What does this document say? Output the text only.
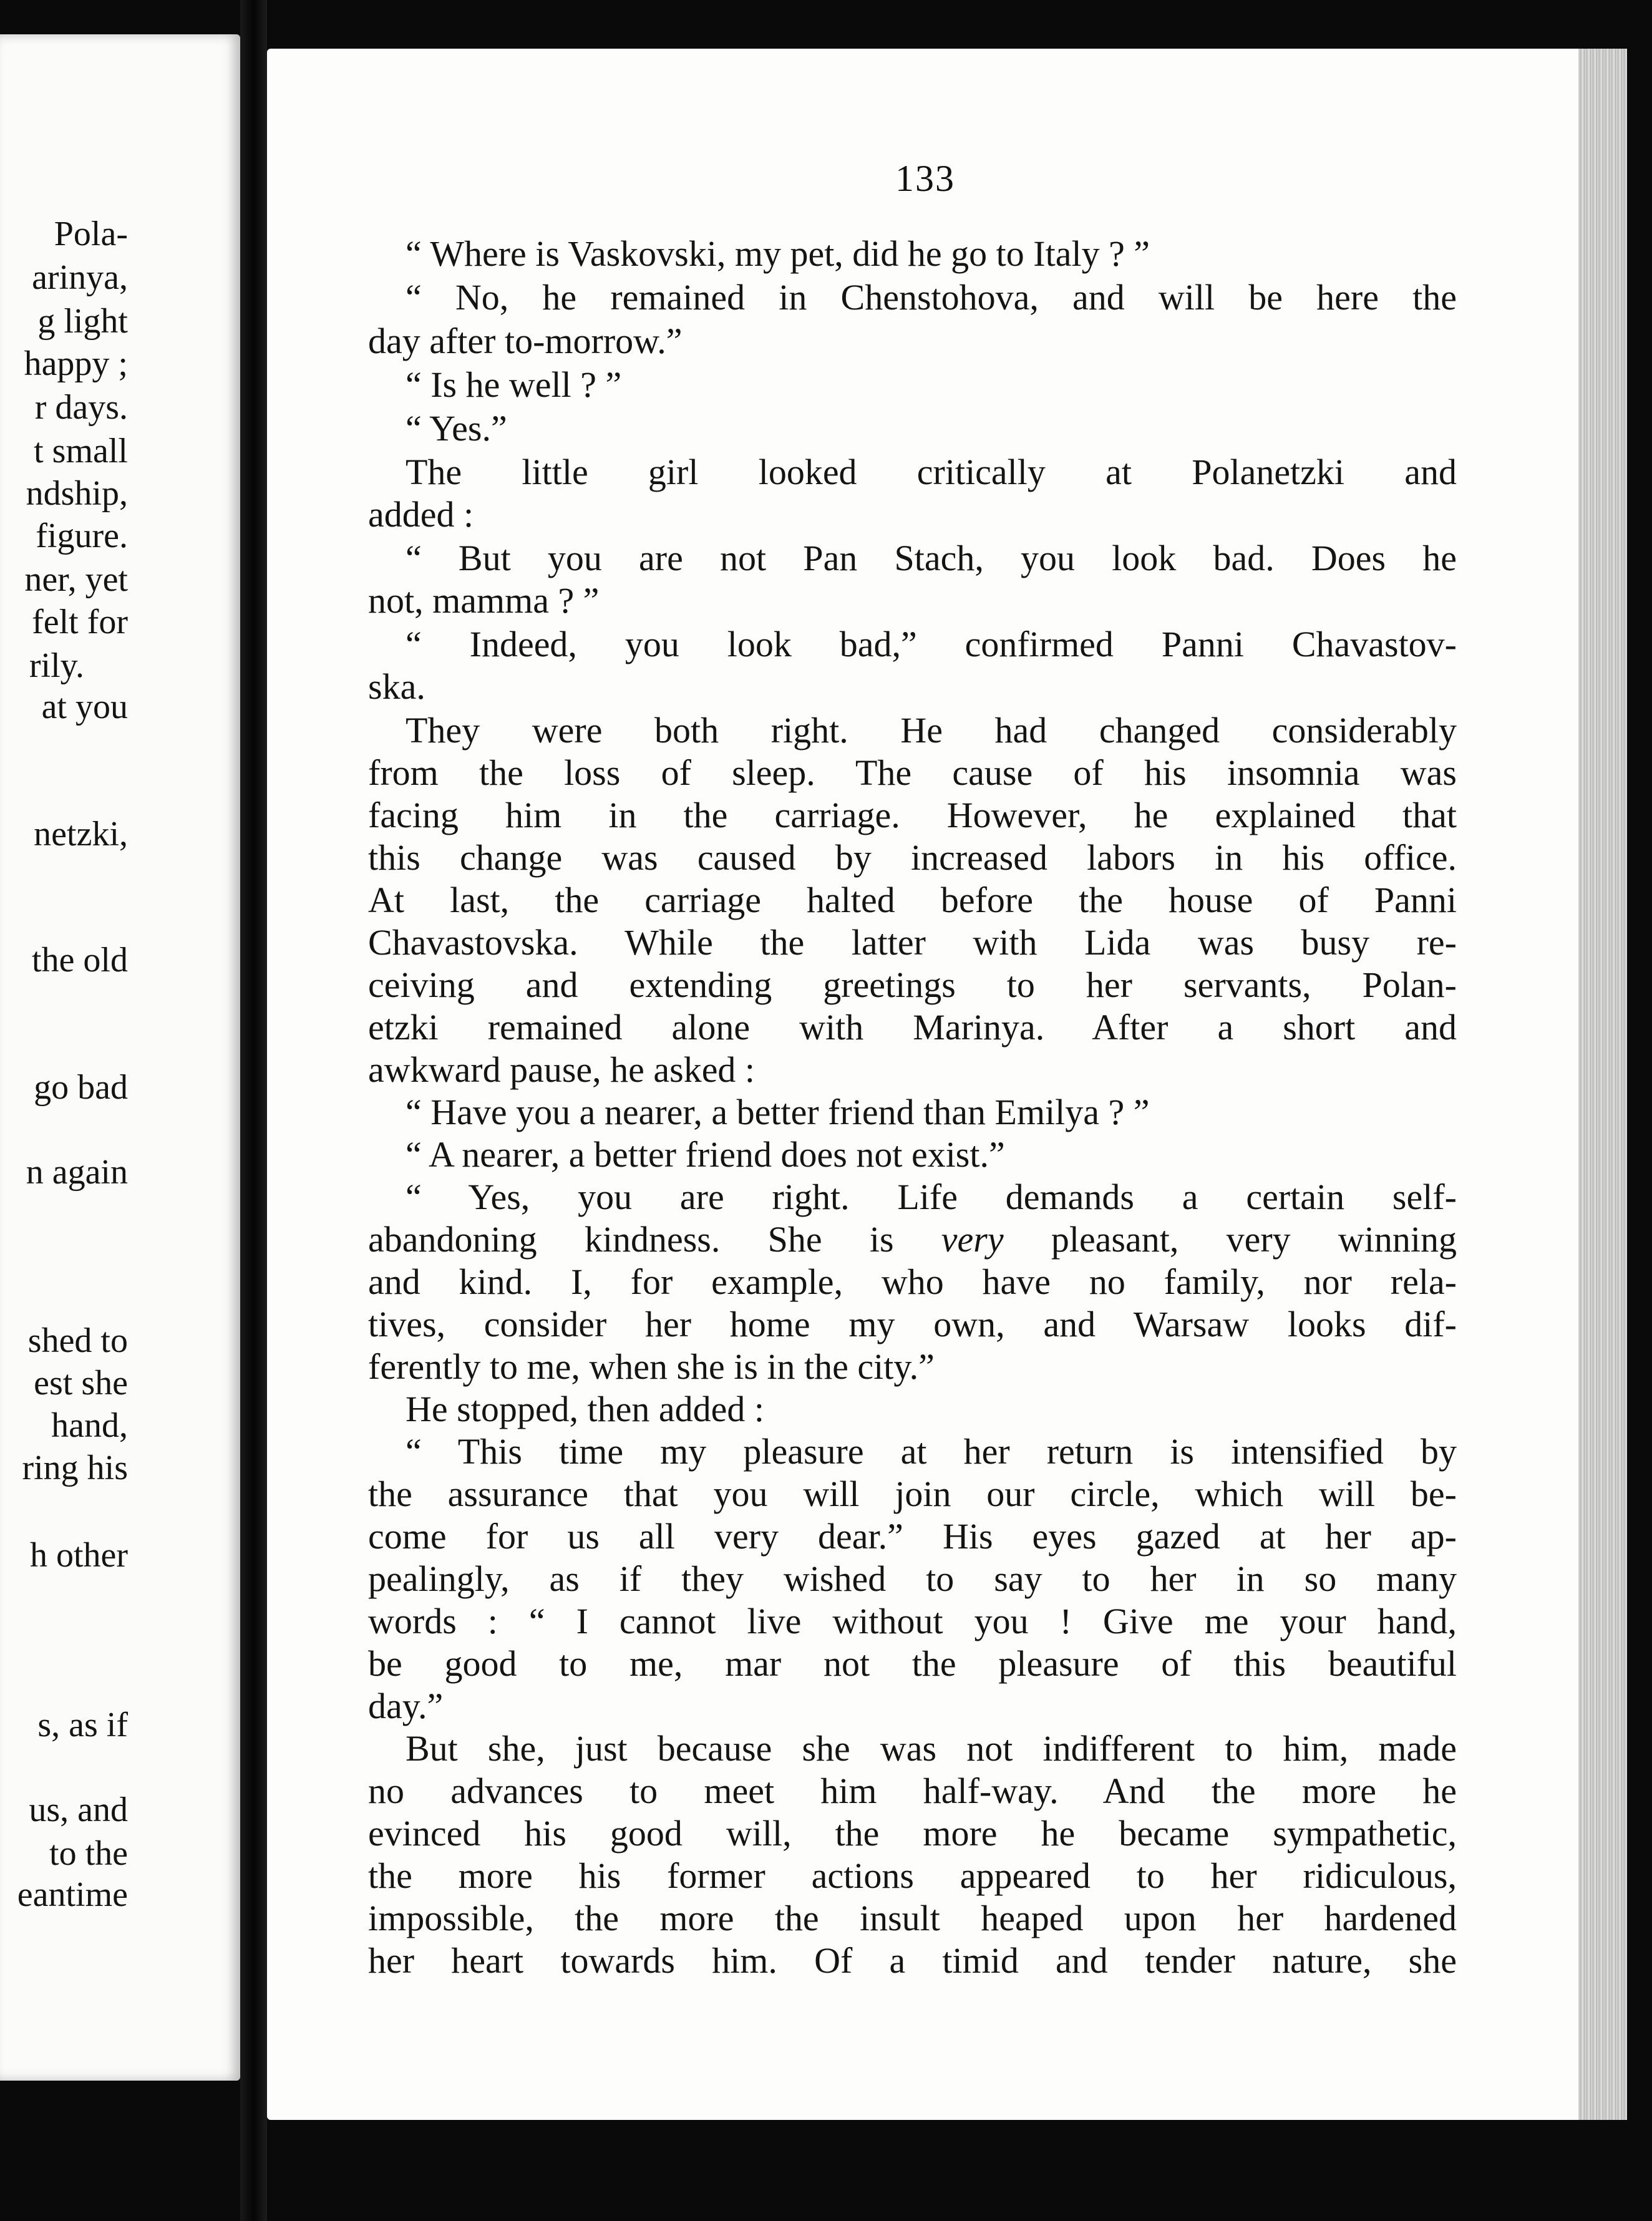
Pola-
arinya,
g light
happy ;
r days.
t small
ndship,
figure.
ner, yet
felt for
rily.
at you
netzki,
the old
go bad
n again
shed to
est she
hand,
ring his
h other
s, as if
us, and
to the
eantime
133
“ Where is Vaskovski, my pet, did he go to Italy ? ”
“ No, he remained in Chenstohova, and will be here the
day after to-morrow.”
“ Is he well ? ”
“ Yes.”
The little girl looked critically at Polanetzki and
added :
“ But you are not Pan Stach, you look bad. Does he
not, mamma ? ”
“ Indeed, you look bad,” confirmed Panni Chavastov-
ska.
They were both right. He had changed considerably
from the loss of sleep. The cause of his insomnia was
facing him in the carriage. However, he explained that
this change was caused by increased labors in his office.
At last, the carriage halted before the house of Panni
Chavastovska. While the latter with Lida was busy re-
ceiving and extending greetings to her servants, Polan-
etzki remained alone with Marinya. After a short and
awkward pause, he asked :
“ Have you a nearer, a better friend than Emilya ? ”
“ A nearer, a better friend does not exist.”
“ Yes, you are right. Life demands a certain self-
abandoning kindness. She is very pleasant, very winning
and kind. I, for example, who have no family, nor rela-
tives, consider her home my own, and Warsaw looks dif-
ferently to me, when she is in the city.”
He stopped, then added :
“ This time my pleasure at her return is intensified by
the assurance that you will join our circle, which will be-
come for us all very dear.” His eyes gazed at her ap-
pealingly, as if they wished to say to her in so many
words : “ I cannot live without you ! Give me your hand,
be good to me, mar not the pleasure of this beautiful
day.”
But she, just because she was not indifferent to him, made
no advances to meet him half-way. And the more he
evinced his good will, the more he became sympathetic,
the more his former actions appeared to her ridiculous,
impossible, the more the insult heaped upon her hardened
her heart towards him. Of a timid and tender nature, she
